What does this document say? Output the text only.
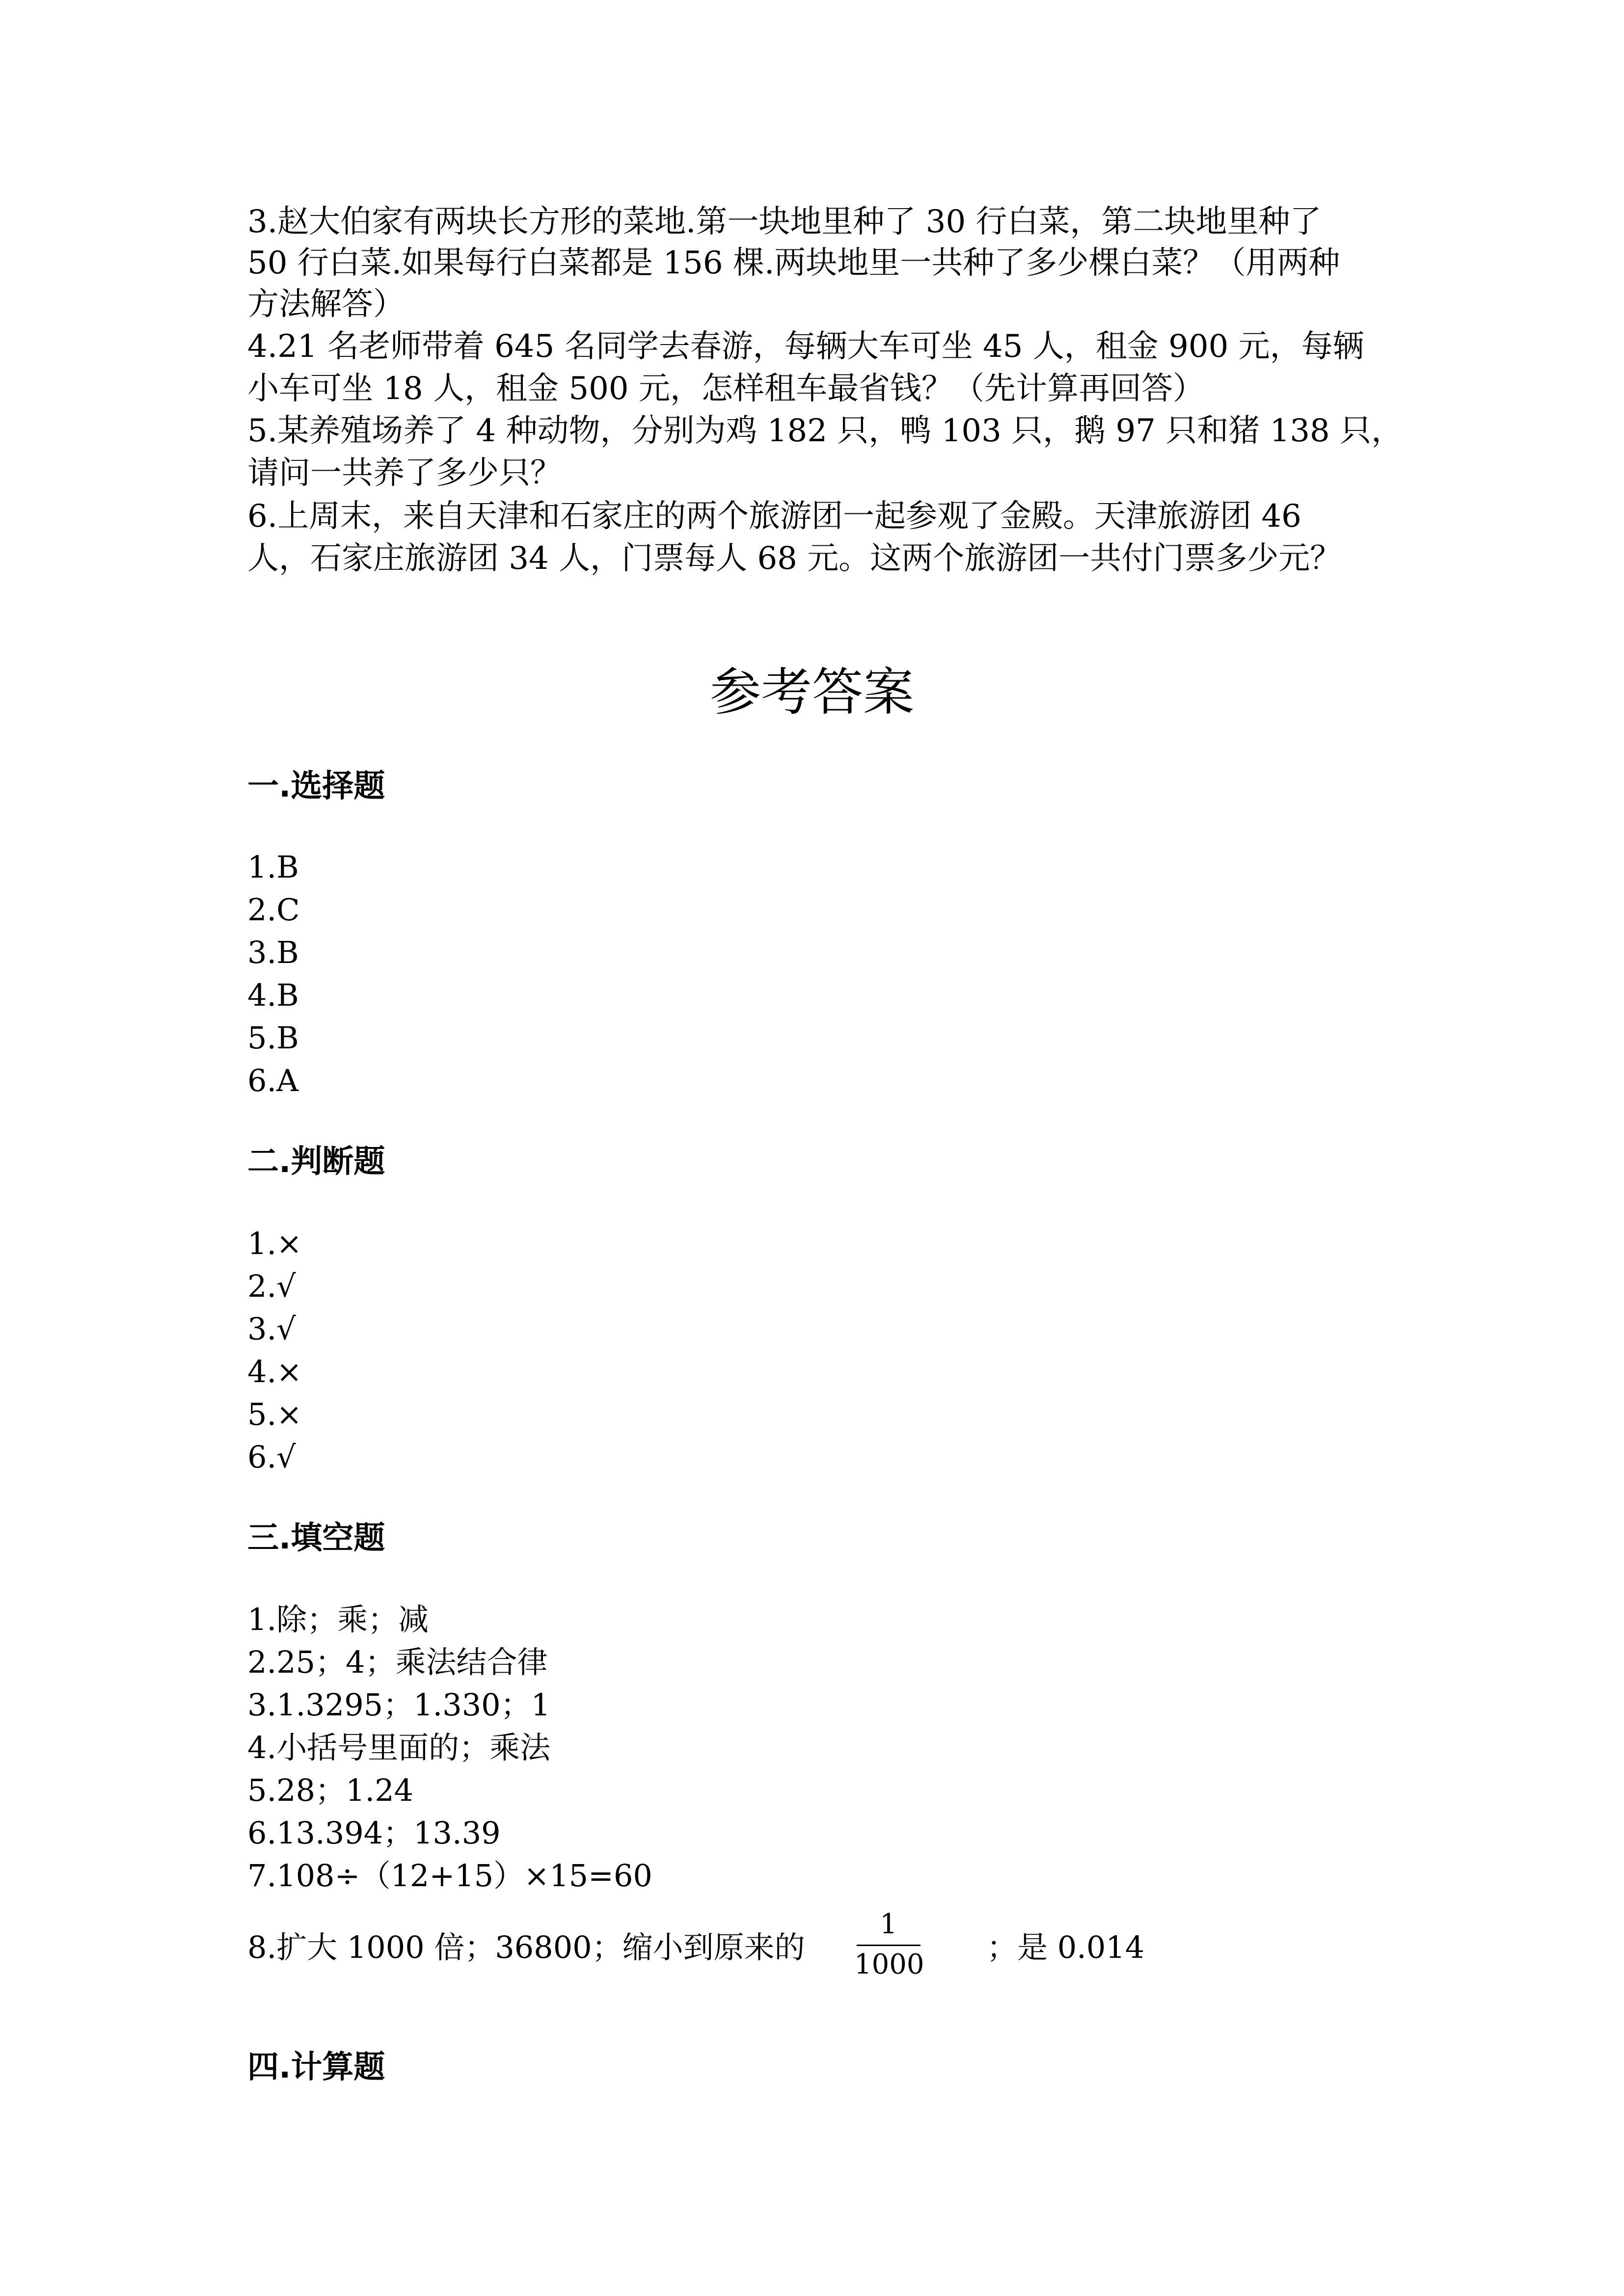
3.赵大伯家有两块长方形的菜地.第一块地里种了 30 行白菜，第二块地里种了
50 行白菜.如果每行白菜都是 156 棵.两块地里一共种了多少棵白菜？（用两种
方法解答）
4.21 名老师带着 645 名同学去春游，每辆大车可坐 45 人，租金 900 元，每辆
小车可坐 18 人，租金 500 元，怎样租车最省钱？（先计算再回答）
5.某养殖场养了 4 种动物，分别为鸡 182 只，鸭 103 只，鹅 97 只和猪 138 只，
请问一共养了多少只？
6.上周末，来自天津和石家庄的两个旅游团一起参观了金殿。天津旅游团 46
人，石家庄旅游团 34 人，门票每人 68 元。这两个旅游团一共付门票多少元？
参考答案
一.选择题
1.B
2.C
3.B
4.B
5.B
6.A
二.判断题
1.×
2.√
3.√
4.×
5.×
6.√
三.填空题
1.除；乘；减
2.25；4；乘法结合律
3.1.3295；1.330；1
4.小括号里面的；乘法
5.28；1.24
6.13.394；13.39
7.108÷（12+15）×15=60
8.扩大 1000 倍；36800；缩小到原来的
1
1000 ；是 0.014
四.计算题
